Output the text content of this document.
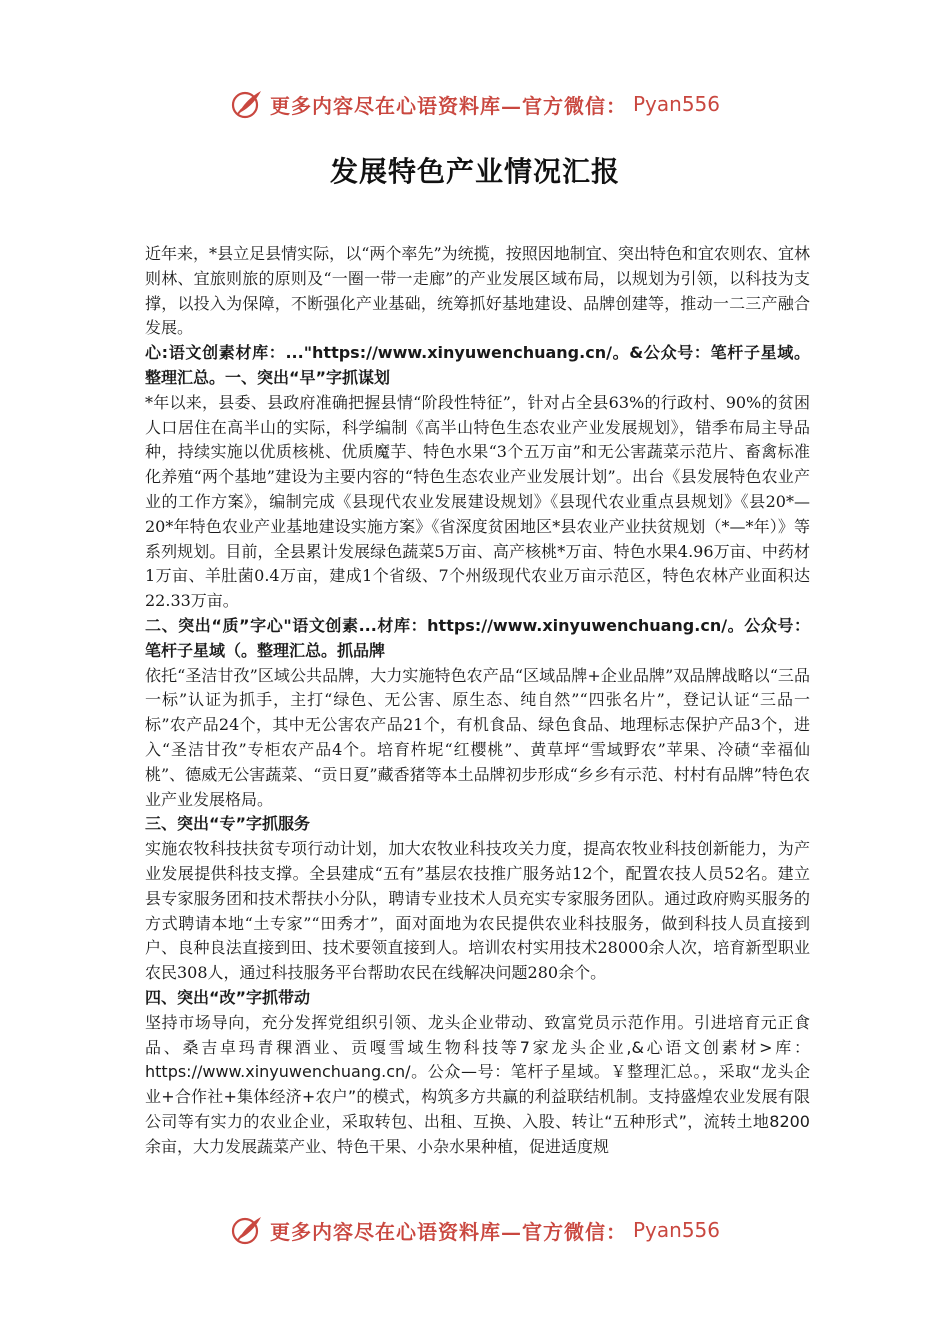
更多内容尽在心语资料库—官方微信： Pyan556
发展特色产业情况汇报

近年来，*县立足县情实际，以“两个率先”为统揽，按照因地制宜、突出特色和宜农则农、宜林则林、宜旅则旅的原则及“一圈一带一走廊”的产业发展区域布局，以规划为引领，以科技为支撑，以投入为保障，不断强化产业基础，统筹抓好基地建设、品牌创建等，推动一二三产融合发展。

心:语文创素材库：..."https://www.xinyuwenchuang.cn/。&公众号：笔杆子星域。整理汇总。一、突出“早”字抓谋划

*年以来，县委、县政府准确把握县情“阶段性特征”，针对占全县63%的行政村、90%的贫困人口居住在高半山的实际，科学编制《高半山特色生态农业产业发展规划》，错季布局主导品种，持续实施以优质核桃、优质魔芋、特色水果“3个五万亩”和无公害蔬菜示范片、畜禽标准化养殖“两个基地”建设为主要内容的“特色生态农业产业发展计划”。出台《县发展特色农业产业的工作方案》，编制完成《县现代农业发展建设规划》《县现代农业重点县规划》《县20*—20*年特色农业产业基地建设实施方案》《省深度贫困地区*县农业产业扶贫规划（*—*年）》等系列规划。目前，全县累计发展绿色蔬菜5万亩、高产核桃*万亩、特色水果4.96万亩、中药材1万亩、羊肚菌0.4万亩，建成1个省级、7个州级现代农业万亩示范区，特色农林产业面积达22.33万亩。

二、突出“质”字心"语文创素...材库：https://www.xinyuwenchuang.cn/。公众号：笔杆子星域（。整理汇总。抓品牌

依托“圣洁甘孜”区域公共品牌，大力实施特色农产品“区域品牌+企业品牌”双品牌战略以“三品一标”认证为抓手，主打“绿色、无公害、原生态、纯自然”“四张名片”，登记认证“三品一标”农产品24个，其中无公害农产品21个，有机食品、绿色食品、地理标志保护产品3个，进入“圣洁甘孜”专柜农产品4个。培育杵坭“红樱桃”、黄草坪“雪域野农”苹果、冷碛“幸福仙桃”、德威无公害蔬菜、“贡日夏”藏香猪等本土品牌初步形成“乡乡有示范、村村有品牌”特色农业产业发展格局。

三、突出“专”字抓服务

实施农牧科技扶贫专项行动计划，加大农牧业科技攻关力度，提高农牧业科技创新能力，为产业发展提供科技支撑。全县建成“五有”基层农技推广服务站12个，配置农技人员52名。建立县专家服务团和技术帮扶小分队，聘请专业技术人员充实专家服务团队。通过政府购买服务的方式聘请本地“土专家”“田秀才”，面对面地为农民提供农业科技服务，做到科技人员直接到户、良种良法直接到田、技术要领直接到人。培训农村实用技术28000余人次，培育新型职业农民308人，通过科技服务平台帮助农民在线解决问题280余个。

四、突出“改”字抓带动

坚持市场导向，充分发挥党组织引领、龙头企业带动、致富党员示范作用。引进培育元正食品、桑吉卓玛青稞酒业、贡嘎雪域生物科技等7家龙头企业,&心语文创素材>库：https://www.xinyuwenchuang.cn/。公众—号：笔杆子星域。￥整理汇总。，采取“龙头企业+合作社+集体经济+农户”的模式，构筑多方共赢的利益联结机制。支持盛煌农业发展有限公司等有实力的农业企业，采取转包、出租、互换、入股、转让“五种形式”，流转土地8200余亩，大力发展蔬菜产业、特色干果、小杂水果种植，促进适度规

更多内容尽在心语资料库—官方微信： Pyan556
